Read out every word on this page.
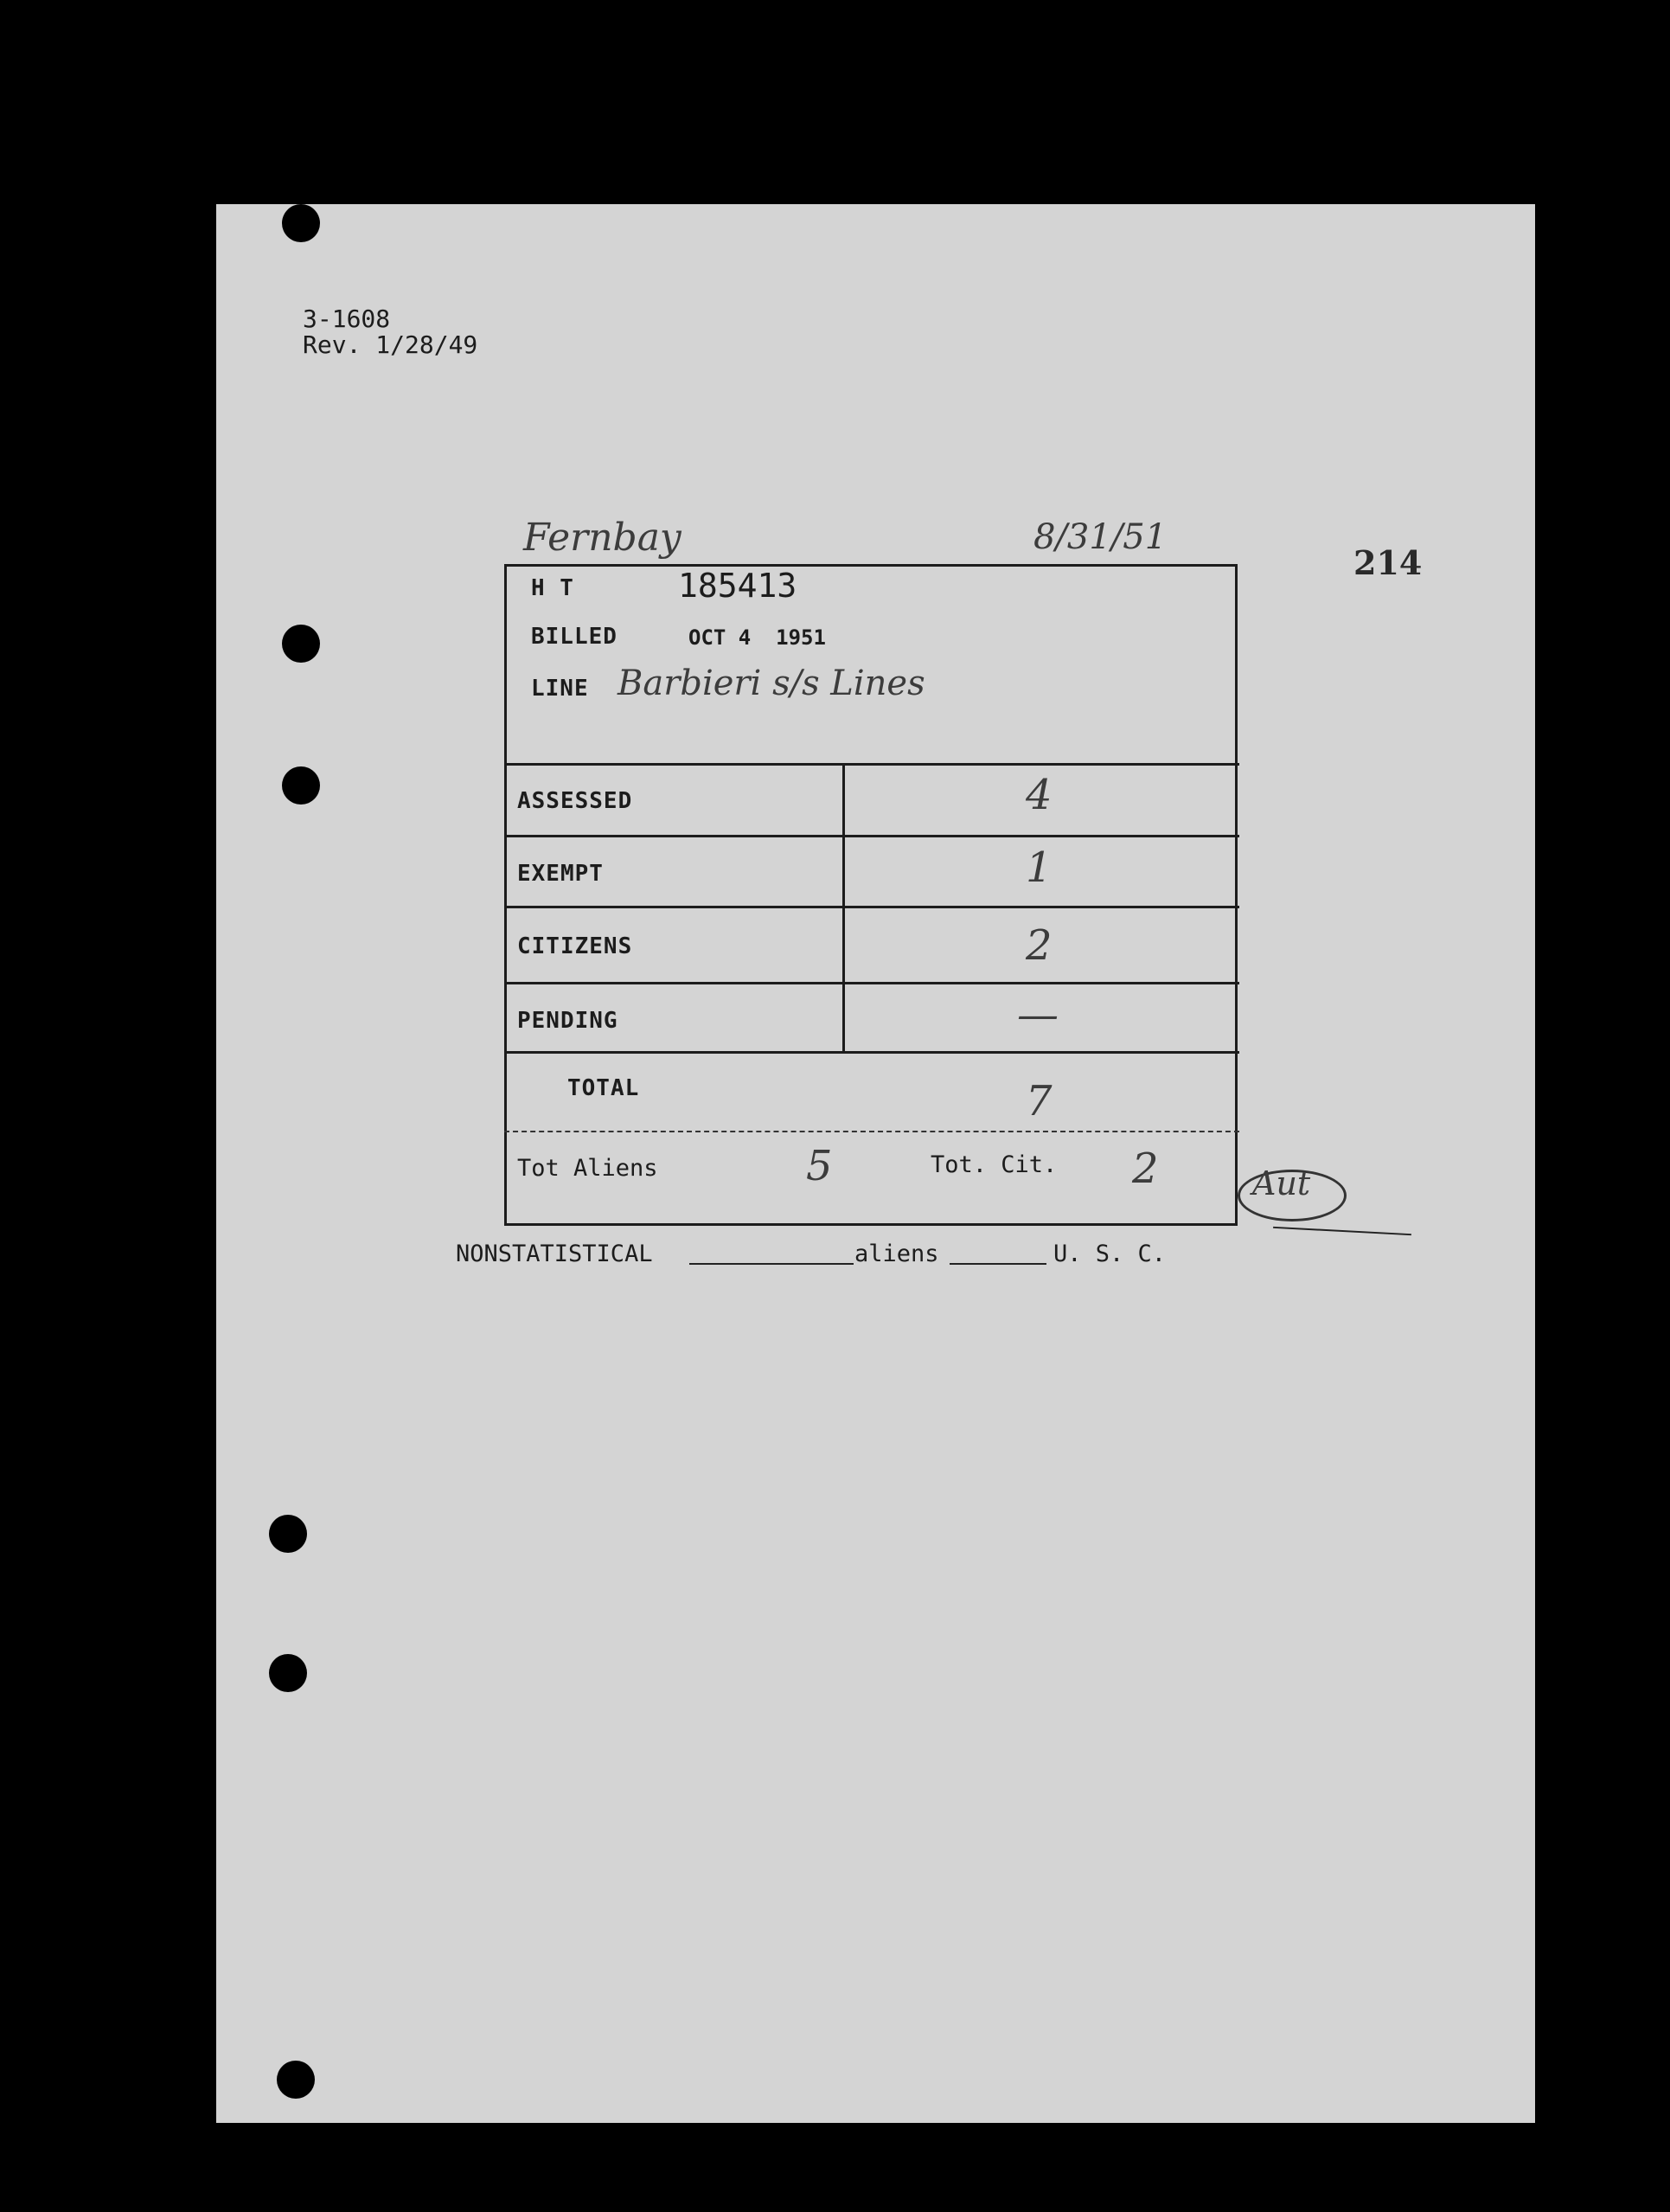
3-1608
Rev. 1/28/49
Fernbay	8/31/51
214
H T	185413
BILLED	OCT 4  1951
LINE Barbieri s/s Lines
ASSESSED	4
EXEMPT	1
CITIZENS	2
PENDING	—
TOTAL	7
Tot Aliens	5	Tot. Cit. 2	Aut
NONSTATISTICAL	aliens	U. S. C.
